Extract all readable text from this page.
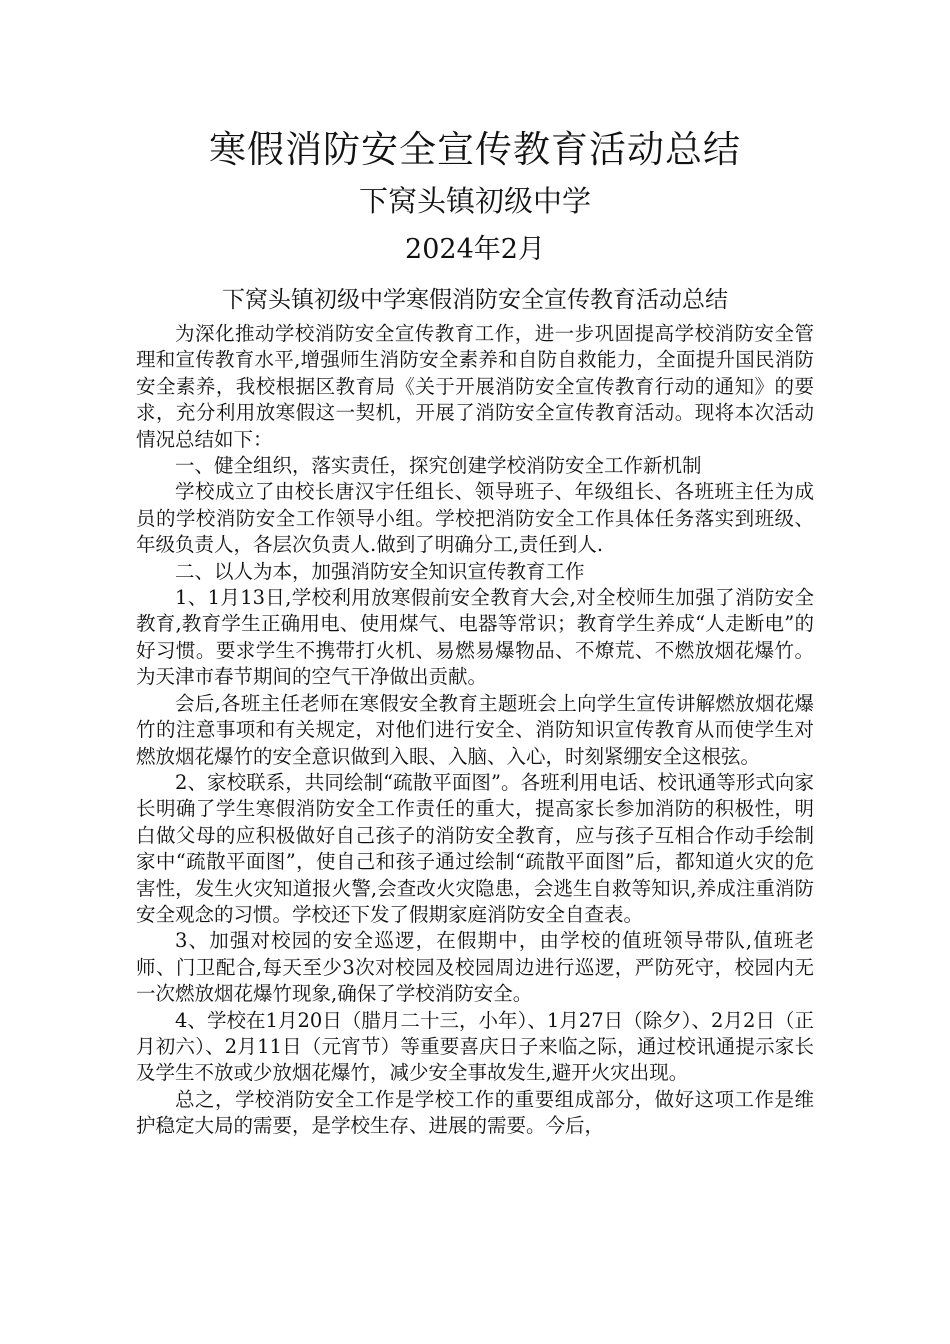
寒假消防安全宣传教育活动总结
下窝头镇初级中学
2024年2月
下窝头镇初级中学寒假消防安全宣传教育活动总结

为深化推动学校消防安全宣传教育工作，进一步巩固提高学校消防安全管理和宣传教育水平,增强师生消防安全素养和自防自救能力，全面提升国民消防安全素养，我校根据区教育局《关于开展消防安全宣传教育行动的通知》的要求，充分利用放寒假这一契机，开展了消防安全宣传教育活动。现将本次活动情况总结如下：

一、健全组织，落实责任，探究创建学校消防安全工作新机制

学校成立了由校长唐汉宇任组长、领导班子、年级组长、各班班主任为成员的学校消防安全工作领导小组。学校把消防安全工作具体任务落实到班级、年级负责人，各层次负责人.做到了明确分工,责任到人.

二、以人为本，加强消防安全知识宣传教育工作

1、1月13日,学校利用放寒假前安全教育大会,对全校师生加强了消防安全教育,教育学生正确用电、使用煤气、电器等常识；教育学生养成“人走断电”的好习惯。要求学生不携带打火机、易燃易爆物品、不燎荒、不燃放烟花爆竹。为天津市春节期间的空气干净做出贡献。

会后,各班主任老师在寒假安全教育主题班会上向学生宣传讲解燃放烟花爆竹的注意事项和有关规定，对他们进行安全、消防知识宣传教育从而使学生对燃放烟花爆竹的安全意识做到入眼、入脑、入心，时刻紧绷安全这根弦。

2、家校联系，共同绘制“疏散平面图”。各班利用电话、校讯通等形式向家长明确了学生寒假消防安全工作责任的重大，提高家长参加消防的积极性，明白做父母的应积极做好自己孩子的消防安全教育，应与孩子互相合作动手绘制家中“疏散平面图”，使自己和孩子通过绘制“疏散平面图”后，都知道火灾的危害性，发生火灾知道报火警,会查改火灾隐患，会逃生自救等知识,养成注重消防安全观念的习惯。学校还下发了假期家庭消防安全自查表。

3、加强对校园的安全巡逻，在假期中，由学校的值班领导带队,值班老师、门卫配合,每天至少3次对校园及校园周边进行巡逻，严防死守，校园内无一次燃放烟花爆竹现象,确保了学校消防安全。

4、学校在1月20日（腊月二十三，小年）、1月27日（除夕）、2月2日（正月初六）、2月11日（元宵节）等重要喜庆日子来临之际，通过校讯通提示家长及学生不放或少放烟花爆竹，减少安全事故发生,避开火灾出现。

总之，学校消防安全工作是学校工作的重要组成部分，做好这项工作是维护稳定大局的需要，是学校生存、进展的需要。今后，
